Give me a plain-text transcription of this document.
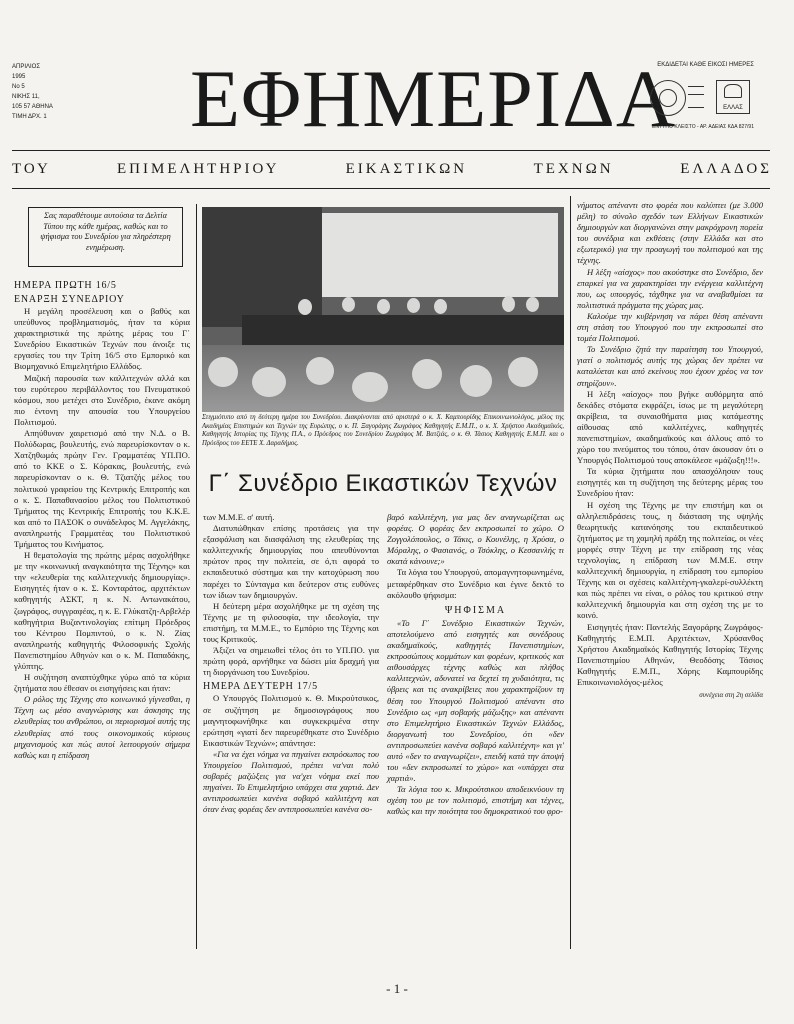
ΑΠΡΙΛΙΟΣ
1995
No 5
ΝΙΚΗΣ 11,
105 57 ΑΘΗΝΑ
ΤΙΜΗ ΔΡΧ. 1 ΕΦΗΜΕΡΙΔΑ
ΕΚΔΙΔΕΤΑΙ ΚΑΘΕ ΕΙΚΟΣΙ ΗΜΕΡΕΣ
ΕΛΛΑΣ
ΕΝΤΥΠΟ ΚΛΕΙΣΤΟ - ΑΡ. ΑΔΕΙΑΣ ΚΔΑ 827/91
ΤΟΥ ΕΠΙΜΕΛΗΤΗΡΙΟΥ ΕΙΚΑΣΤΙΚΩΝ ΤΕΧΝΩΝ ΕΛΛΑΔΟΣ
Σας παραθέτουμε αυτούσια τα Δελτία Τύπου της κάθε ημέρας, καθώς και το ψήφισμα του Συνεδρίου για πληρέστερη ενημέρωση.
ΗΜΕΡΑ ΠΡΩΤΗ 16/5
ΕΝΑΡΞΗ ΣΥΝΕΔΡΙΟΥ

Η μεγάλη προσέλευση και ο βαθύς και υπεύθυνος προβληματισμός, ήταν τα κύρια χαρακτηριστικά της πρώτης μέρας του Γ΄ Συνεδρίου Εικαστικών Τεχνών που άνοιξε τις εργασίες του την Τρίτη 16/5 στο Εμπορικό και Βιομηχανικό Επιμελητήριο Ελλάδος.

Μαζική παρουσία των καλλιτεχνών αλλά και του ευρύτερου περιβάλλοντος του Πνευματικού κόσμου, που μετέχει στο Συνέδριο, έκανε ακόμη πιο έντονη την απουσία του Υπουργείου Πολιτισμού.

Απηύθυναν χαιρετισμό από την Ν.Δ. ο Β. Πολύδωρας, βουλευτής, ενώ παρευρίσκονταν ο κ. Χατζηθωμάς πρώην Γεν. Γραμματέας ΥΠ.ΠΟ. από το ΚΚΕ ο Σ. Κόρακας, βουλευτής, ενώ παρευρίσκονταν ο κ. Θ. Τζιατζής μέλος του πολιτικού γραφείου της Κεντρικής Επιτροπής και ο κ. Σ. Παπαθανασίου μέλος του Πολιτιστικού Τμήματος της Κεντρικής Επιτροπής του Κ.Κ.Ε. και από το ΠΑΣΟΚ ο συνάδελφος Μ. Αγγελάκης, αναπληρωτής Γραμματέας του Πολιτιστικού Τμήματος του Κινήματος.

Η θεματολογία της πρώτης μέρας ασχολήθηκε με την «κοινωνική αναγκαιότητα της Τέχνης» και την «ελευθερία της καλλιτεχνικής δημιουργίας». Εισηγητές ήταν ο κ. Σ. Κονταράτος, αρχιτέκτων καθηγητής ΑΣΚΤ, η κ. Ν. Αντωνακάτου, ζωγράφος, συγγραφέας, η κ. Ε. Γλύκατζη-Αρβελέρ καθηγήτρια Βυζαντινολογίας επίτιμη Πρόεδρος του Κέντρου Πομπιντού, ο κ. Ν. Ζίας αναπληρωτής καθηγητής Φιλοσοφικής Σχολής Πανεπιστημίου Αθηνών και ο κ. Μ. Παπαδάκης, γλύπτης.

Η συζήτηση αναπτύχθηκε γύρω από τα κύρια ζητήματα που έθεσαν οι εισηγήσεις και ήταν:

Ο ρόλος της Τέχνης στο κοινωνικό γίγνεσθαι, η Τέχνη ως μέσο αναγνώρισης και άσκησης της ελευθερίας του ανθρώπου, οι περιορισμοί αυτής της ελευθερίας από τους οικονομικούς κύριους μηχανισμούς και πώς αυτοί λειτουργούν σήμερα καθώς και η επίδραση

Στιγμιότυπο από τη δεύτερη ημέρα του Συνεδρίου. Διακρίνονται από αριστερά ο κ. Χ. Καμπουρίδης Επικοινωνιολόγος, μέλος της Ακαδημίας Επιστημών και Τεχνών της Ευρώπης, ο κ. Π. Ξαγοράρης Ζωγράφος Καθηγητής Ε.Μ.Π., ο κ. Χ. Χρήστου Ακαδημαϊκός, Καθηγητής Ιστορίας της Τέχνης Π.Α., ο Πρόεδρος του Συνεδρίου Ζωγράφος Μ. Βατζιάς, ο κ. Θ. Τάσιος Καθηγητής Ε.Μ.Π. και ο Πρόεδρος του ΕΕΤΕ Χ. Δαραδήμος.
Γ΄ Συνέδριο Εικαστικών Τεχνών

των Μ.Μ.Ε. σ' αυτή.

Διατυπώθηκαν επίσης προτάσεις για την εξασφάλιση και διασφάλιση της ελευθερίας της καλλιτεχνικής δημιουργίας που απευθύνονται πρώτον προς την πολιτεία, σε ό,τι αφορά το εκπαιδευτικό σύστημα και την κατοχύρωση που παρέχει το Σύνταγμα και δεύτερον στις ευθύνες των ίδιων των δημιουργών.

Η δεύτερη μέρα ασχολήθηκε με τη σχέση της Τέχνης με τη φιλοσοφία, την ιδεολογία, την επιστήμη, τα Μ.Μ.Ε., το Εμπόριο της Τέχνης και τους Κριτικούς.

Άξιζει να σημειωθεί τέλος ότι το ΥΠ.ΠΟ. για πρώτη φορά, αρνήθηκε να δώσει μία δραχμή για τη διοργάνωση του Συνεδρίου.

ΗΜΕΡΑ ΔΕΥΤΕΡΗ 17/5

Ο Υπουργός Πολιτισμού κ. Θ. Μικρούτσικος, σε συζήτηση με δημοσιογράφους που μαγνητοφωνήθηκε και συγκεκριμένα στην ερώτηση «γιατί δεν παρευρέθηκατε στο Συνέδριο Εικαστικών Τεχνών»; απάντησε:

«Για να έχει νόημα να πηγαίνει εκπρόσωπος του Υπουργείου Πολιτισμού, πρέπει να'ναι πολύ σοβαρές μαζώξεις για να'χει νόημα εκεί που πηγαίνει. Το Επιμελητήριο υπάρχει στα χαρτιά. Δεν αντιπροσωπεύει κανένα σοβαρό καλλιτέχνη και όταν ένας φορέας δεν αντιπροσωπεύει κανένα σο-

βαρό καλλιτέχνη, για μας δεν αναγνωρίζεται ως φορέας. Ο φορέας δεν εκπροσωπεί το χώρο. Ο Ζογγολόπουλος, ο Τάκις, ο Κουνέλης, η Χρύσα, ο Μόραλης, ο Φασιανός, ο Τσόκλης, ο Κεσσανλής τι σκατά κάνουνε;»

Τα λόγια του Υπουργού, απομαγνητοφωνημένα, μεταφέρθηκαν στο Συνέδριο και έγινε δεκτό το ακόλουθο ψήφισμα:

ΨΗΦΙΣΜΑ

«Το Γ΄ Συνέδριο Εικαστικών Τεχνών, αποτελούμενο από εισηγητές και συνέδρους ακαδημαϊκούς, καθηγητές Πανεπιστημίων, εκπροσώπους κομμάτων και φορέων, κριτικούς και αιθουσάρχες τέχνης καθώς και πλήθος καλλιτεχνών, αδυνατεί να δεχτεί τη χυδαιότητα, τις ύβρεις και τις ανακρίβειες που χαρακτηρίζουν τη θέση του Υπουργού Πολιτισμού απέναντι στο Συνέδριο ως «μη σοβαρής μάζωξης» και απέναντι στο Επιμελητήριο Εικαστικών Τεχνών Ελλάδος, διοργανωτή του Συνεδρίου, ότι «δεν αντιπροσωπεύει κανένα σοβαρό καλλιτέχνη» και γι' αυτό «δεν το αναγνωρίζει», επειδή κατά την άποψή του «δεν εκπροσωπεί το χώρο» και «υπάρχει στα χαρτιά».

Τα λόγια του κ. Μικρούτσικου αποδεικνύουν τη σχέση του με τον πολιτισμό, επιστήμη και τέχνες, καθώς και την ποιότητα του δημοκρατικού του φρο-

νήματος απέναντι στο φορέα που καλύπτει (με 3.000 μέλη) το σύνολο σχεδόν των Ελλήνων Εικαστικών δημιουργών και διοργανώνει στην μακρόχρονη πορεία του συνέδρια και εκθέσεις (στην Ελλάδα και στο εξωτερικό) για την προαγωγή του πολιτισμού και της τέχνης.

Η λέξη «αίσχος» που ακούστηκε στο Συνέδριο, δεν επαρκεί για να χαρακτηρίσει την ενέργεια καλλιτέχνη που, ως υπουργός, τάχθηκε για να αναβαθμίσει τα πολιτιστικά πράγματα της χώρας μας.

Καλούμε την κυβέρνηση να πάρει θέση απέναντι στη στάση του Υπουργού που την εκπροσωπεί στο τομέα Πολιτισμού.

Το Συνέδριο ζητά την παραίτηση του Υπουργού, γιατί ο πολιτισμός αυτής της χώρας δεν πρέπει να καταλύεται και από εκείνους που έχουν χρέος να τον στηρίζουν».

Η λέξη «αίσχος» που βγήκε αυθόρμητα από δεκάδες στόματα εκφράζει, ίσως με τη μεγαλύτερη ακρίβεια, τα συναισθήματα μιας κατάμεστης αίθουσας από καλλιτέχνες, καθηγητές πανεπιστημίων, ακαδημαϊκούς και άλλους από το χώρο του πνεύματος του τόπου, όταν άκουσαν ότι ο Υπουργός Πολιτισμού τους αποκάλεσε «μάζωξη!!!».

Τα κύρια ζητήματα που απασχόλησαν τους εισηγητές και τη συζήτηση της δεύτερης μέρας του Συνεδρίου ήταν:

Η σχέση της Τέχνης με την επιστήμη και οι αλληλεπιδράσεις τους, η διάσταση της υψηλής θεωρητικής κατανόησης του εκπαιδευτικού ζητήματος με τη χαμηλή πράξη της πολιτείας, οι νέες μορφές στην Τέχνη με την επίδραση της νέας τεχνολογίας, η επίδραση των Μ.Μ.Ε. στην καλλιτεχνική δημιουργία, η επίδραση του εμπορίου Τέχνης και οι σχέσεις καλλιτέχνη-γκαλερί-συλλέκτη και πώς πρέπει να είναι, ο ρόλος του κριτικού στην καλλιτεχνική δημιουργία και στη σχέση της με το κοινό.

Εισηγητές ήταν: Παντελής Ξαγοράρης Ζωγράφος-Καθηγητής Ε.Μ.Π. Αρχιτέκτων, Χρύσανθος Χρήστου Ακαδημαϊκός Καθηγητής Ιστορίας Τέχνης Πανεπιστημίου Αθηνών, Θεοδόσης Τάσιος Καθηγητής Ε.Μ.Π., Χάρης Καμπουρίδης Επικοινωνιολόγος-μέλος

συνέχεια στη 2η σελίδα
- 1 -
